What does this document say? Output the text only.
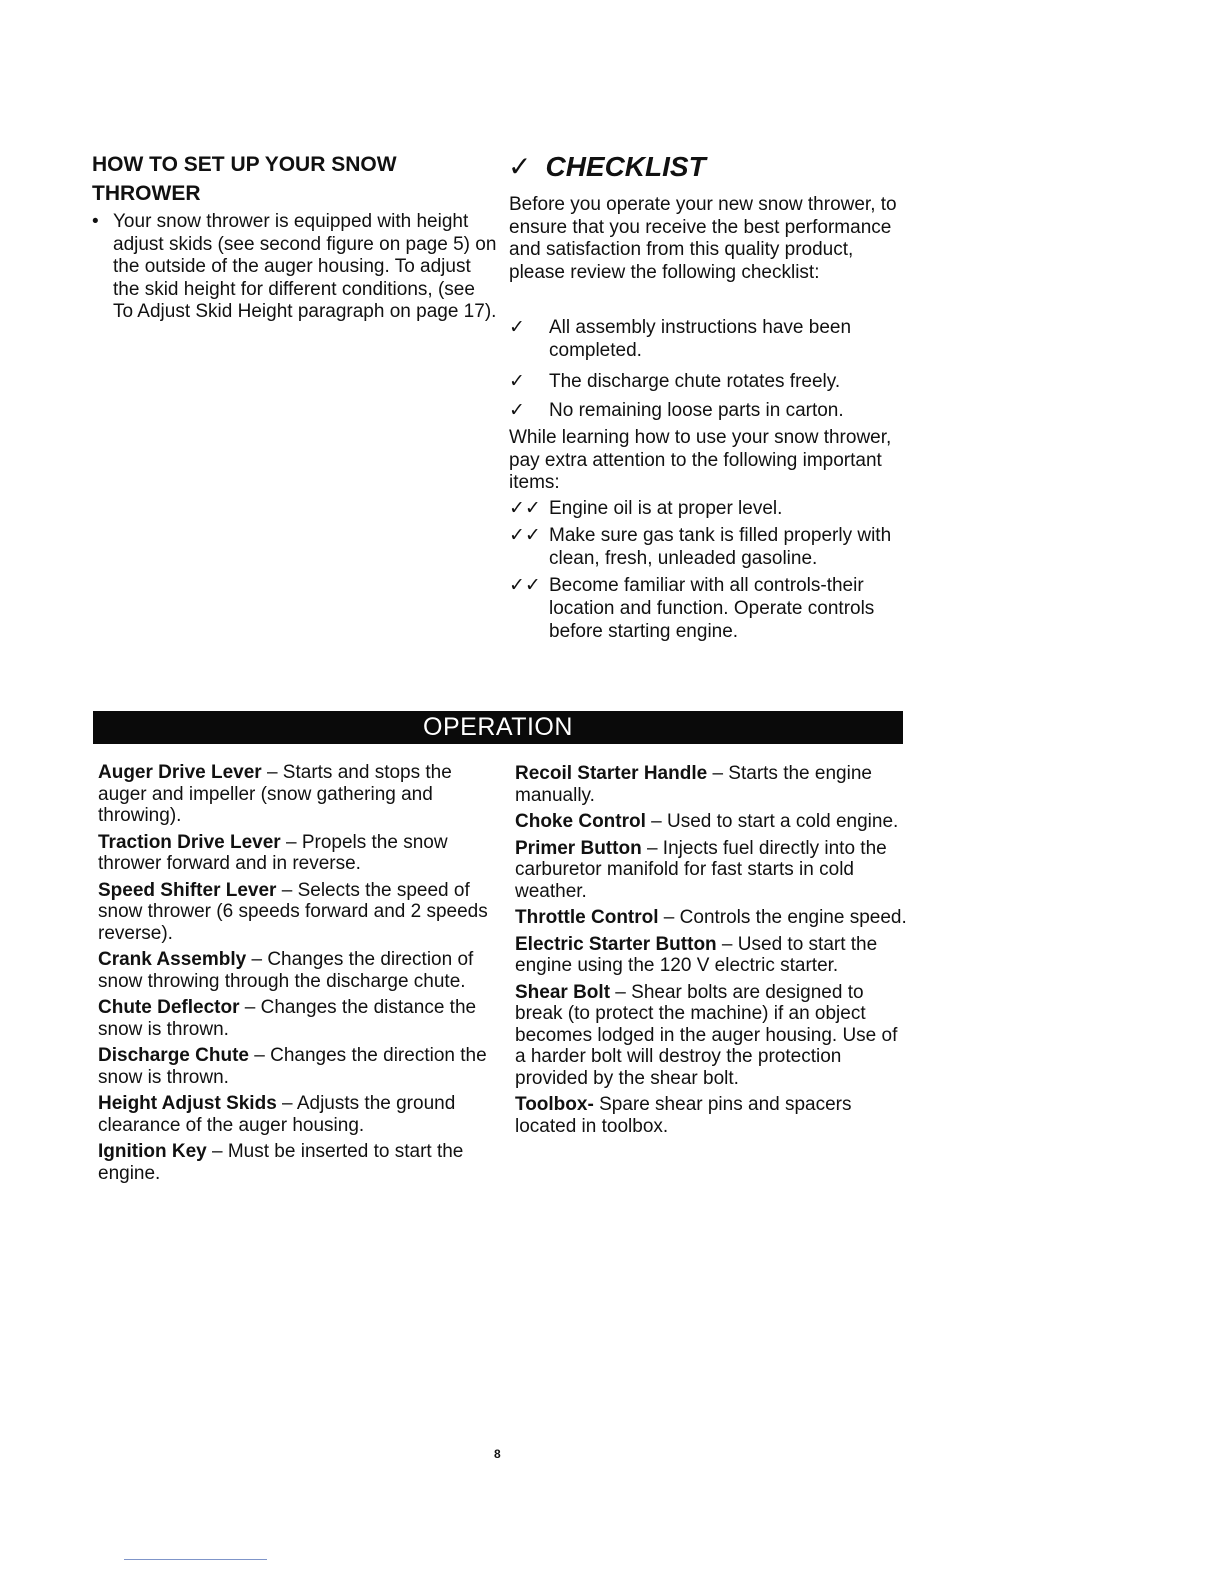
HOW TO SET UP YOUR SNOW THROWER
• Your snow thrower is equipped with height adjust skids (see second figure on page 5) on the outside of the auger housing. To adjust the skid height for different conditions, (see To Adjust Skid Height paragraph on page 17).
✓ CHECKLIST
Before you operate your new snow thrower, to ensure that you receive the best performance and satisfaction from this quality product, please review the following checklist:
✓ All assembly instructions have been completed.
✓ The discharge chute rotates freely.
✓ No remaining loose parts in carton.
While learning how to use your snow thrower, pay extra attention to the following important items:
✓✓ Engine oil is at proper level.
✓✓ Make sure gas tank is filled properly with clean, fresh, unleaded gasoline.
✓✓ Become familiar with all controls-their location and function. Operate controls before starting engine.
OPERATION
Auger Drive Lever – Starts and stops the auger and impeller (snow gathering and throwing).
Traction Drive Lever – Propels the snow thrower forward and in reverse.
Speed Shifter Lever – Selects the speed of snow thrower (6 speeds forward and 2 speeds reverse).
Crank Assembly – Changes the direction of snow throwing through the discharge chute.
Chute Deflector – Changes the distance the snow is thrown.
Discharge Chute – Changes the direction the snow is thrown.
Height Adjust Skids – Adjusts the ground clearance of the auger housing.
Ignition Key – Must be inserted to start the engine.
Recoil Starter Handle – Starts the engine manually.
Choke Control – Used to start a cold engine.
Primer Button – Injects fuel directly into the carburetor manifold for fast starts in cold weather.
Throttle Control – Controls the engine speed.
Electric Starter Button – Used to start the engine using the 120 V electric starter.
Shear Bolt – Shear bolts are designed to break (to protect the machine) if an object becomes lodged in the auger housing. Use of a harder bolt will destroy the protection provided by the shear bolt.
Toolbox- Spare shear pins and spacers located in toolbox.
8
